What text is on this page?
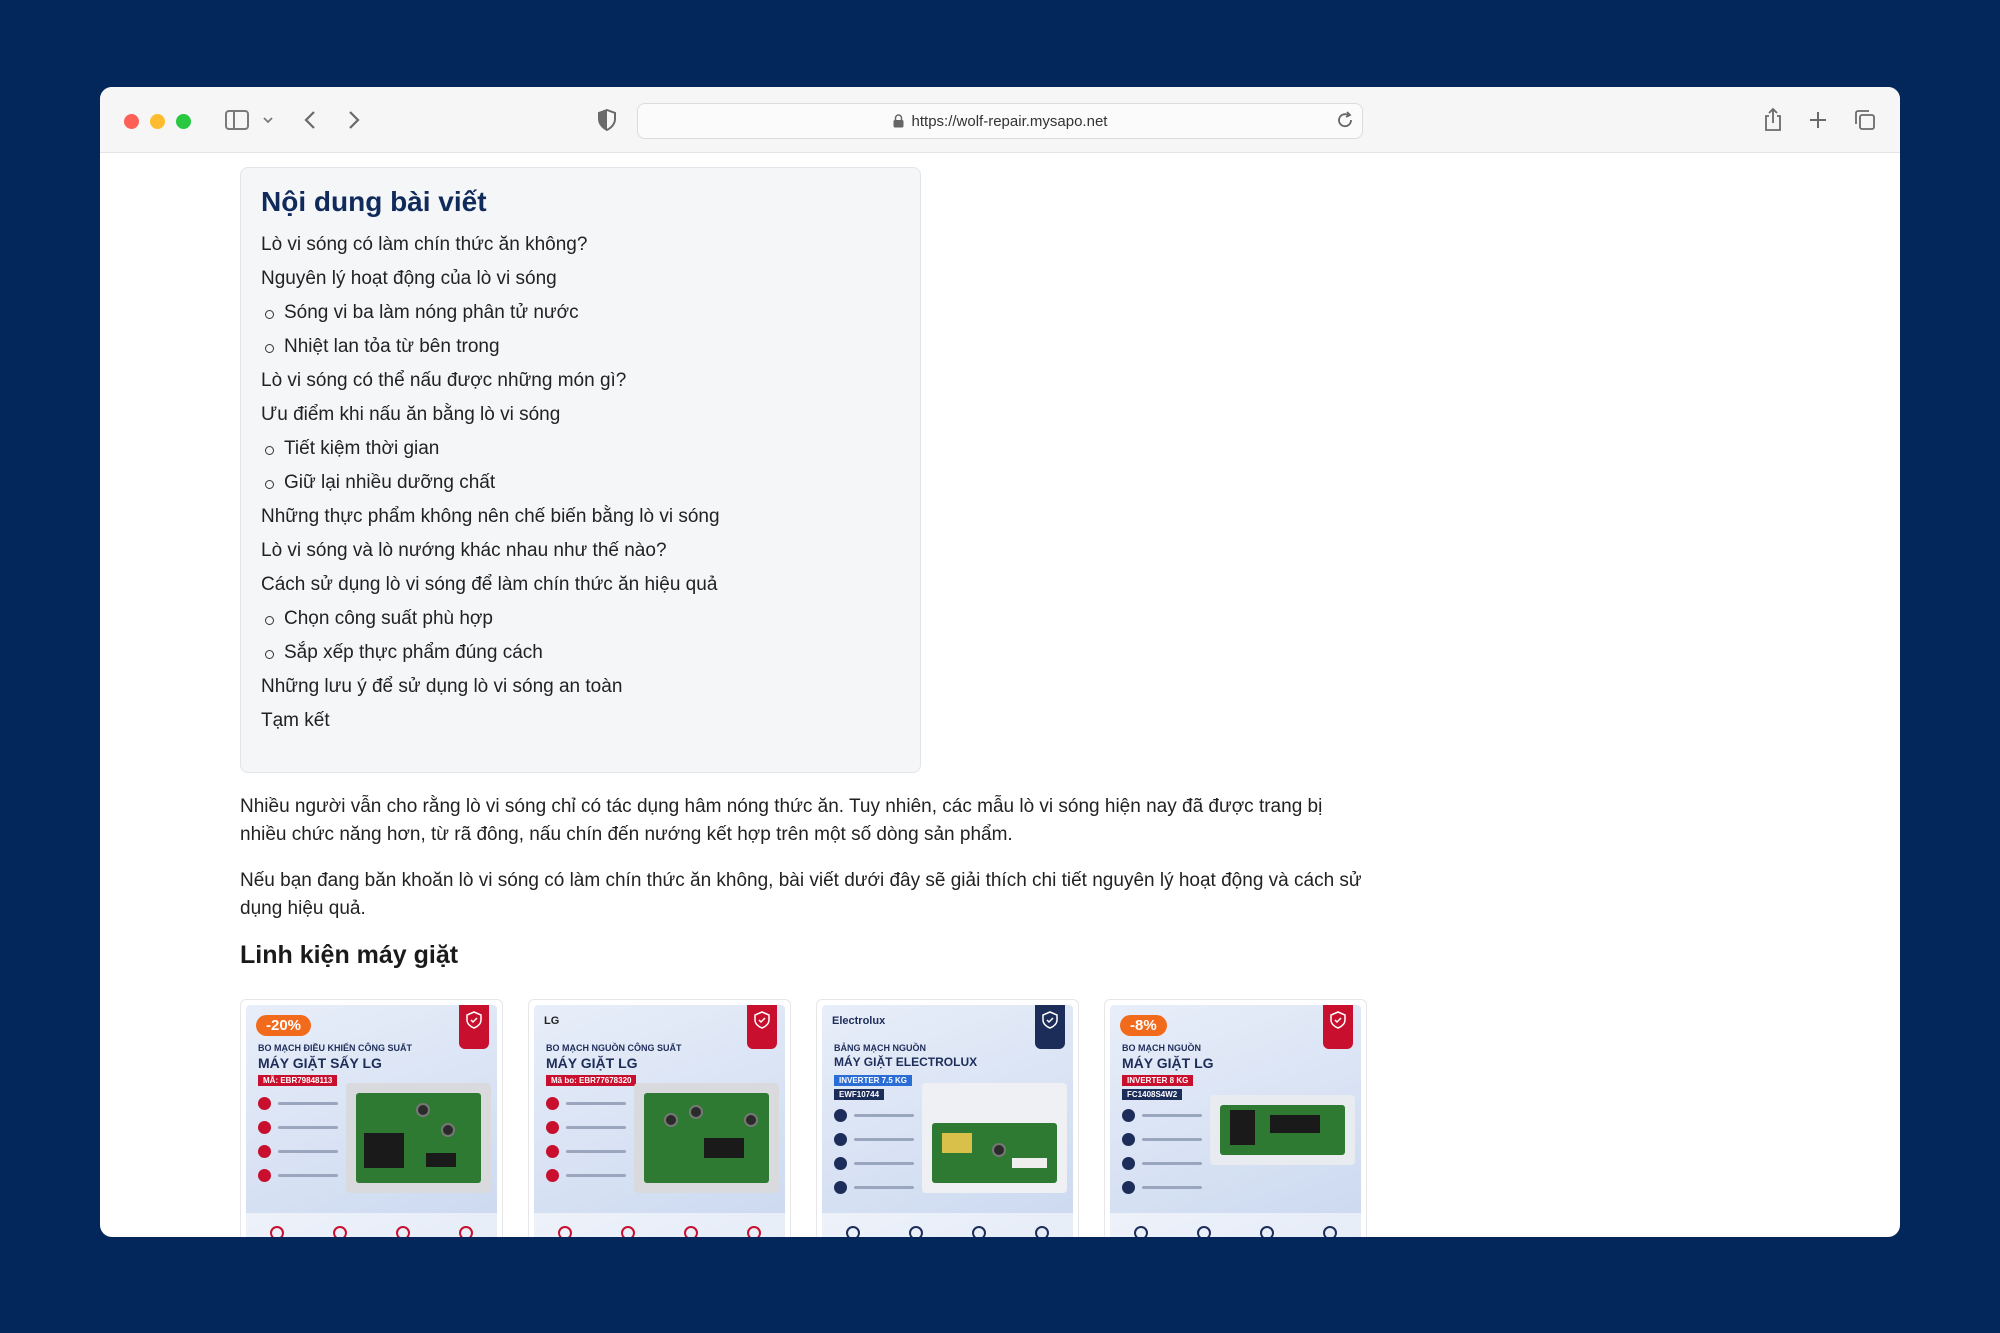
https://wolf-repair.mysapo.net
Nội dung bài viết
Lò vi sóng có làm chín thức ăn không?
Nguyên lý hoạt động của lò vi sóng
Sóng vi ba làm nóng phân tử nước
Nhiệt lan tỏa từ bên trong
Lò vi sóng có thể nấu được những món gì?
Ưu điểm khi nấu ăn bằng lò vi sóng
Tiết kiệm thời gian
Giữ lại nhiều dưỡng chất
Những thực phẩm không nên chế biến bằng lò vi sóng
Lò vi sóng và lò nướng khác nhau như thế nào?
Cách sử dụng lò vi sóng để làm chín thức ăn hiệu quả
Chọn công suất phù hợp
Sắp xếp thực phẩm đúng cách
Những lưu ý để sử dụng lò vi sóng an toàn
Tạm kết

Nhiều người vẫn cho rằng lò vi sóng chỉ có tác dụng hâm nóng thức ăn. Tuy nhiên, các mẫu lò vi sóng hiện nay đã được trang bị nhiều chức năng hơn, từ rã đông, nấu chín đến nướng kết hợp trên một số dòng sản phẩm.

Nếu bạn đang băn khoăn lò vi sóng có làm chín thức ăn không, bài viết dưới đây sẽ giải thích chi tiết nguyên lý hoạt động và cách sử dụng hiệu quả.

Linh kiện máy giặt
-20%
BO MẠCH ĐIỀU KHIỂN CÔNG SUẤT
MÁY GIẶT SẤY LG
MÃ: EBR79848113
LG
BO MẠCH NGUỒN CÔNG SUẤT
MÁY GIẶT LG
Mã bo: EBR77678320
Electrolux
BẢNG MẠCH NGUỒN
MÁY GIẶT ELECTROLUX
INVERTER 7.5 KG
EWF10744
-8%
BO MẠCH NGUỒN
MÁY GIẶT LG
INVERTER 8 KG
FC1408S4W2
